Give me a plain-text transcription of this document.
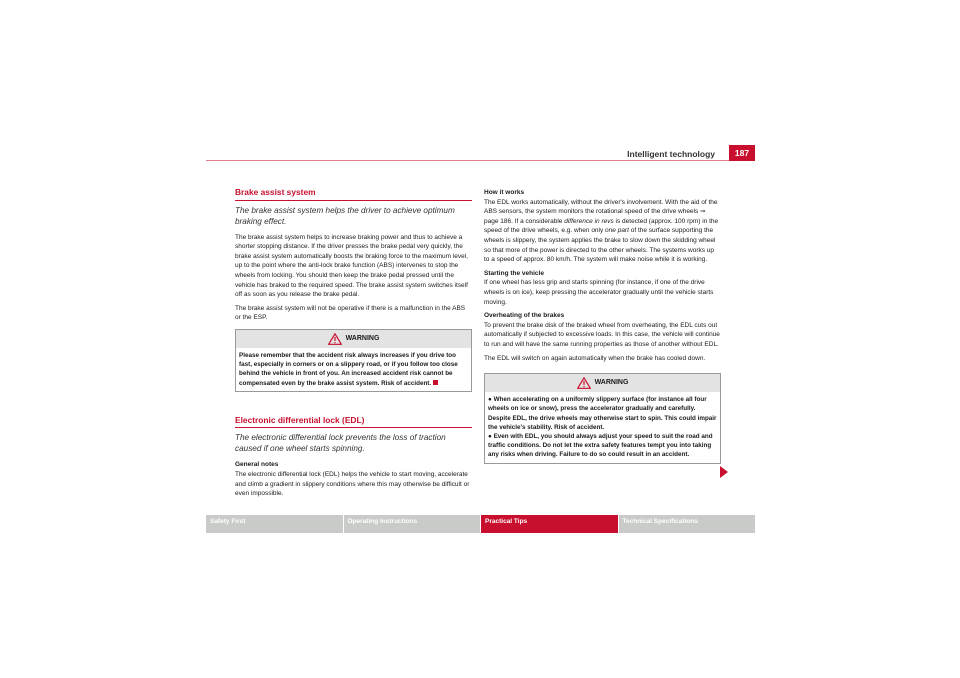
Intelligent technology	187
Brake assist system
The brake assist system helps the driver to achieve optimum braking effect.

The brake assist system helps to increase braking power and thus to achieve a shorter stopping distance. If the driver presses the brake pedal very quickly, the brake assist system automatically boosts the braking force to the maximum level, up to the point where the anti-lock brake function (ABS) intervenes to stop the wheels from locking. You should then keep the brake pedal pressed until the vehicle has braked to the required speed. The brake assist system switches itself off as soon as you release the brake pedal.

The brake assist system will not be operative if there is a malfunction in the ABS or the ESP.

WARNING
Please remember that the accident risk always increases if you drive too fast, especially in corners or on a slippery road, or if you follow too close behind the vehicle in front of you. An increased accident risk cannot be compensated even by the brake assist system. Risk of accident.
Electronic differential lock (EDL)
The electronic differential lock prevents the loss of traction caused if one wheel starts spinning.

General notes

The electronic differential lock (EDL) helps the vehicle to start moving, accelerate and climb a gradient in slippery conditions where this may otherwise be difficult or even impossible.

How it works

The EDL works automatically, without the driver's involvement. With the aid of the ABS sensors, the system monitors the rotational speed of the drive wheels ⇒ page 186. If a considerable difference in revs is detected (approx. 100 rpm) in the speed of the drive wheels, e.g. when only one part of the surface supporting the wheels is slippery, the system applies the brake to slow down the skidding wheel so that more of the power is directed to the other wheels. The systems works up to a speed of approx. 80 km/h. The system will make noise while it is working.

Starting the vehicle

If one wheel has less grip and starts spinning (for instance, if one of the drive wheels is on ice), keep pressing the accelerator gradually until the vehicle starts moving.

Overheating of the brakes

To prevent the brake disk of the braked wheel from overheating, the EDL cuts out automatically if subjected to excessive loads. In this case, the vehicle will continue to run and will have the same running properties as those of another without EDL.

The EDL will switch on again automatically when the brake has cooled down.

WARNING

● When accelerating on a uniformly slippery surface (for instance all four wheels on ice or snow), press the accelerator gradually and carefully. Despite EDL, the drive wheels may otherwise start to spin. This could impair the vehicle's stability. Risk of accident.

● Even with EDL, you should always adjust your speed to suit the road and traffic conditions. Do not let the extra safety features tempt you into taking any risks when driving. Failure to do so could result in an accident.

Safety First	Operating instructions	Practical Tips	Technical Specifications
